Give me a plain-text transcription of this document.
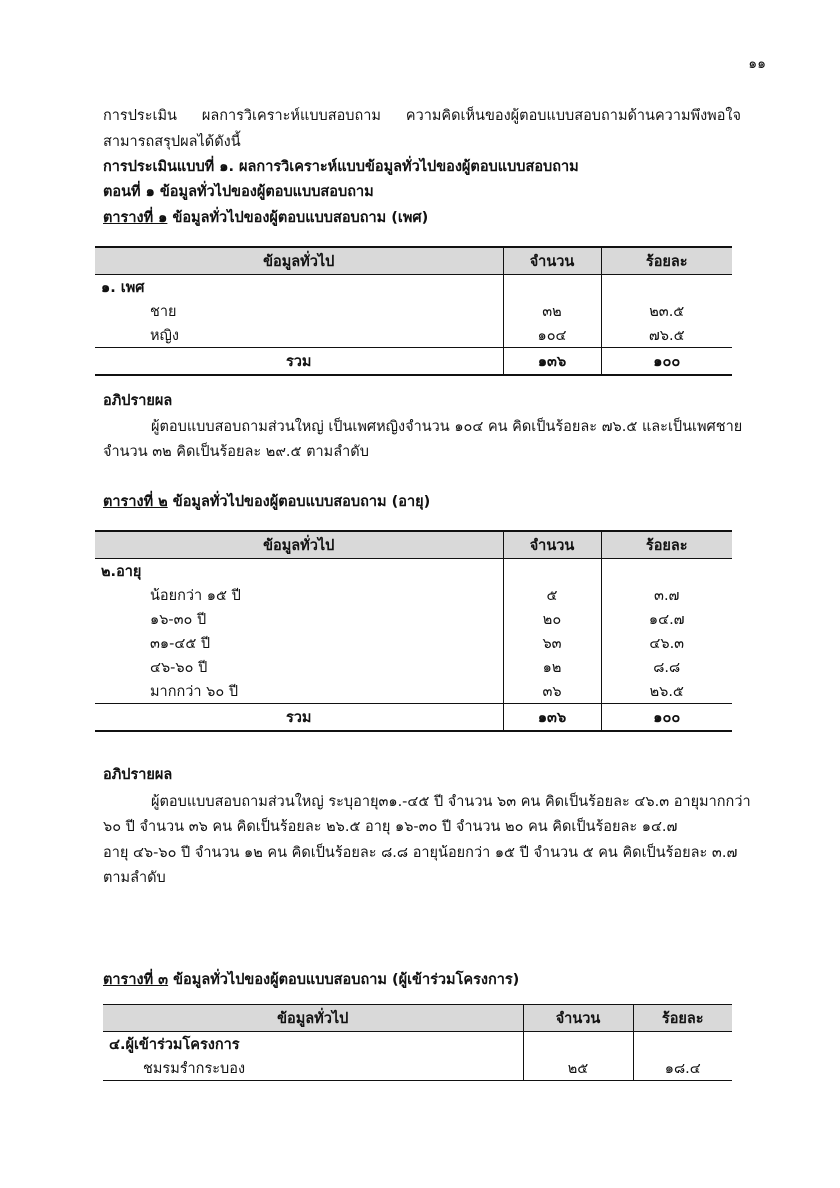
๑๑

การประเมิน ผลการวิเคราะห์แบบสอบถาม ความคิดเห็นของผู้ตอบแบบสอบถามด้านความพึงพอใจ สามารถสรุปผลได้ดังนี้

การประเมินแบบที่ ๑. ผลการวิเคราะห์แบบข้อมูลทั่วไปของผู้ตอบแบบสอบถาม

ตอนที่ ๑ ข้อมูลทั่วไปของผู้ตอบแบบสอบถาม

ตารางที่ ๑ ข้อมูลทั่วไปของผู้ตอบแบบสอบถาม (เพศ)

ข้อมูลทั่วไป	จำนวน	ร้อยละ
๑. เพศ		
ชาย	๓๒	๒๓.๕
หญิง	๑๐๔	๗๖.๕
รวม	๑๓๖	๑๐๐

อภิปรายผล

ผู้ตอบแบบสอบถามส่วนใหญ่ เป็นเพศหญิงจำนวน ๑๐๔ คน คิดเป็นร้อยละ ๗๖.๕ และเป็นเพศชาย

จำนวน ๓๒ คิดเป็นร้อยละ ๒๙.๕ ตามลำดับ

ตารางที่ ๒ ข้อมูลทั่วไปของผู้ตอบแบบสอบถาม (อายุ)

ข้อมูลทั่วไป	จำนวน	ร้อยละ
๒.อายุ		
น้อยกว่า ๑๕ ปี	๕	๓.๗
๑๖-๓๐ ปี	๒๐	๑๔.๗
๓๑-๔๕ ปี	๖๓	๔๖.๓
๔๖-๖๐ ปี	๑๒	๘.๘
มากกว่า ๖๐ ปี	๓๖	๒๖.๕
รวม	๑๓๖	๑๐๐

อภิปรายผล

ผู้ตอบแบบสอบถามส่วนใหญ่ ระบุอายุ๓๑.-๔๕ ปี จำนวน ๖๓ คน คิดเป็นร้อยละ ๔๖.๓ อายุมากกว่า

๖๐ ปี จำนวน ๓๖ คน คิดเป็นร้อยละ ๒๖.๕ อายุ ๑๖-๓๐ ปี จำนวน ๒๐ คน คิดเป็นร้อยละ ๑๔.๗

อายุ ๔๖-๖๐ ปี จำนวน ๑๒ คน คิดเป็นร้อยละ ๘.๘ อายุน้อยกว่า ๑๕ ปี จำนวน ๕ คน คิดเป็นร้อยละ ๓.๗

ตามลำดับ

ตารางที่ ๓ ข้อมูลทั่วไปของผู้ตอบแบบสอบถาม (ผู้เข้าร่วมโครงการ)

ข้อมูลทั่วไป	จำนวน	ร้อยละ
๔.ผู้เข้าร่วมโครงการ		
ชมรมรำกระบอง	๒๕	๑๘.๔
